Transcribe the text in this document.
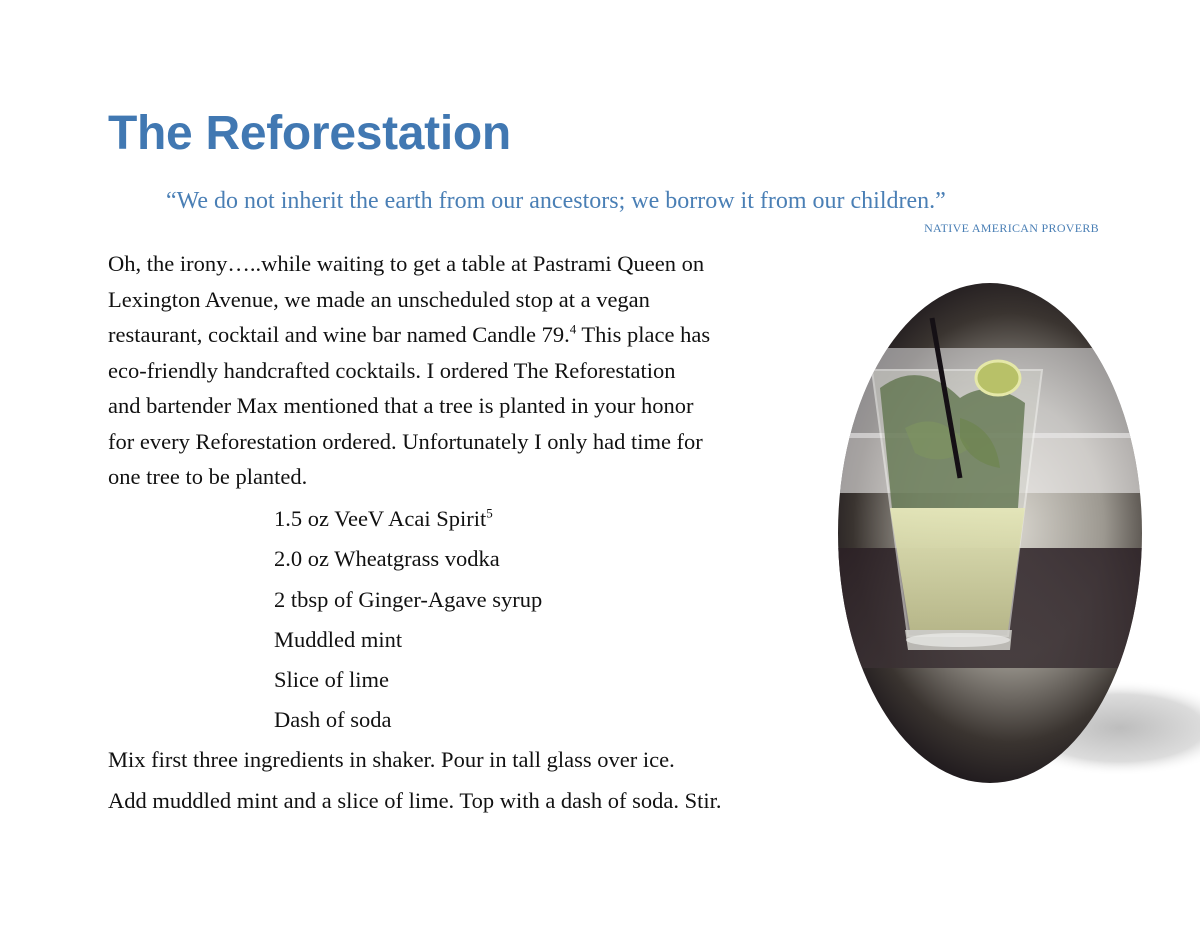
The Reforestation
“We do not inherit the earth from our ancestors; we borrow it from our children.”
NATIVE AMERICAN PROVERB

Oh, the irony…..while waiting to get a table at Pastrami Queen on
Lexington Avenue, we made an unscheduled stop at a vegan
restaurant, cocktail and wine bar named Candle 79.$^4$ This place has
eco-friendly handcrafted cocktails. I ordered The Reforestation
and bartender Max mentioned that a tree is planted in your honor
for every Reforestation ordered. Unfortunately I only had time for
one tree to be planted.

1.5 oz VeeV Acai Spirit$^5$
2.0 oz Wheatgrass vodka
2 tbsp of Ginger-Agave syrup
Muddled mint
Slice of lime
Dash of soda

Mix first three ingredients in shaker. Pour in tall glass over ice.
Add muddled mint and a slice of lime. Top with a dash of soda. Stir.
